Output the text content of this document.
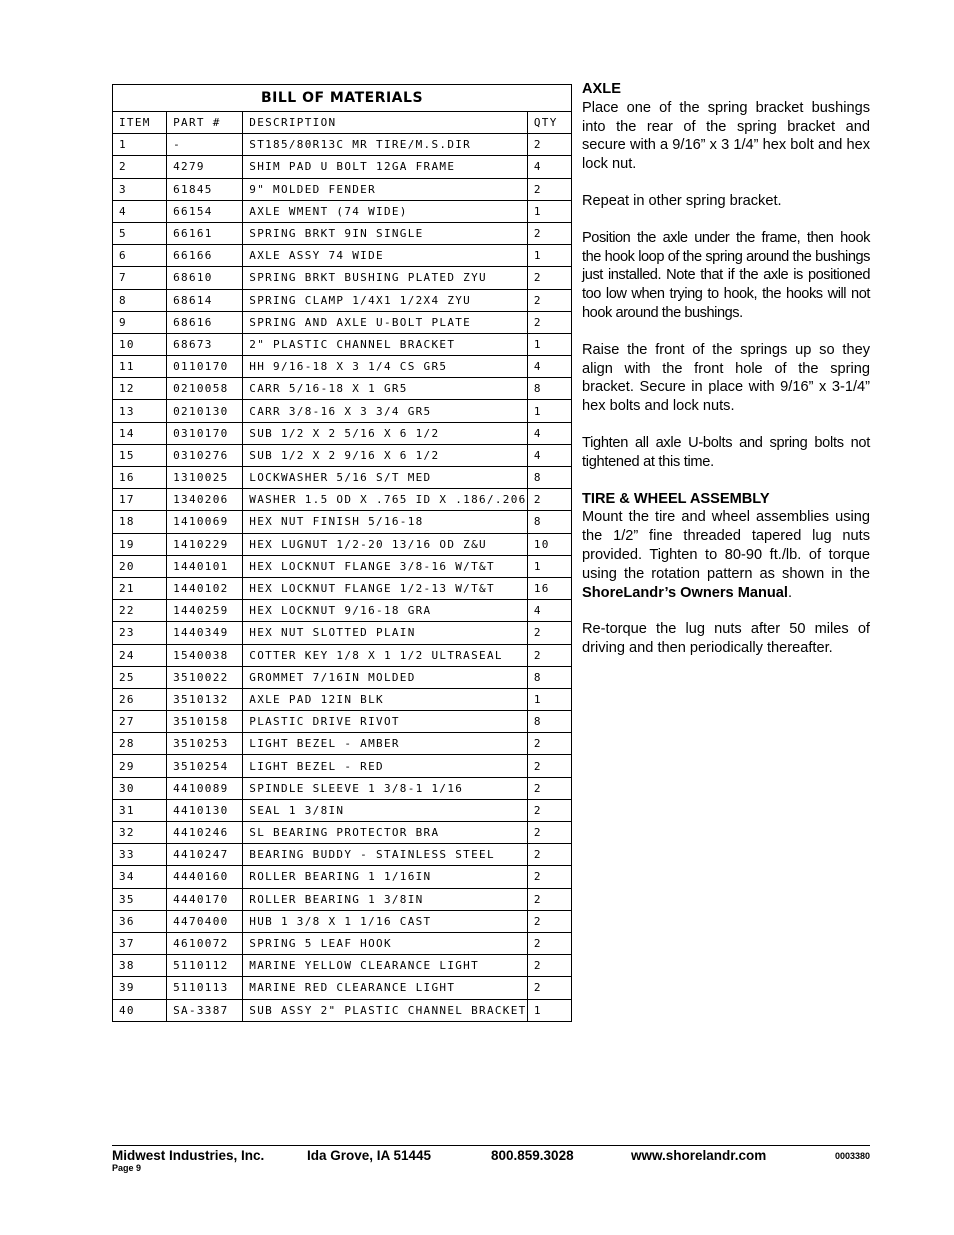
BILL OF MATERIALS			
ITEM	PART #	DESCRIPTION	QTY
1	-	ST185/80R13C MR TIRE/M.S.DIR	2
2	4279	SHIM PAD U BOLT 12GA FRAME	4
3	61845	9" MOLDED FENDER	2
4	66154	AXLE WMENT (74 WIDE)	1
5	66161	SPRING BRKT 9IN SINGLE	2
6	66166	AXLE ASSY 74 WIDE	1
7	68610	SPRING BRKT BUSHING PLATED ZYU	2
8	68614	SPRING CLAMP 1/4X1 1/2X4 ZYU	2
9	68616	SPRING AND AXLE U-BOLT PLATE	2
10	68673	2" PLASTIC CHANNEL BRACKET	1
11	0110170	HH 9/16-18 X 3 1/4 CS GR5	4
12	0210058	CARR 5/16-18 X 1 GR5	8
13	0210130	CARR 3/8-16 X 3 3/4 GR5	1
14	0310170	SUB 1/2 X 2 5/16 X 6 1/2	4
15	0310276	SUB 1/2 X 2 9/16 X 6 1/2	4
16	1310025	LOCKWASHER 5/16 S/T MED	8
17	1340206	WASHER 1.5 OD X .765 ID X .186/.206	2
18	1410069	HEX NUT FINISH 5/16-18	8
19	1410229	HEX LUGNUT 1/2-20 13/16 OD Z&U	10
20	1440101	HEX LOCKNUT FLANGE 3/8-16 W/T&T	1
21	1440102	HEX LOCKNUT FLANGE 1/2-13 W/T&T	16
22	1440259	HEX LOCKNUT 9/16-18 GRA	4
23	1440349	HEX NUT SLOTTED PLAIN	2
24	1540038	COTTER KEY 1/8 X 1 1/2 ULTRASEAL	2
25	3510022	GROMMET 7/16IN MOLDED	8
26	3510132	AXLE PAD 12IN BLK	1
27	3510158	PLASTIC DRIVE RIVOT	8
28	3510253	LIGHT BEZEL - AMBER	2
29	3510254	LIGHT BEZEL - RED	2
30	4410089	SPINDLE SLEEVE 1 3/8-1 1/16	2
31	4410130	SEAL 1 3/8IN	2
32	4410246	SL BEARING PROTECTOR BRA	2
33	4410247	BEARING BUDDY - STAINLESS STEEL	2
34	4440160	ROLLER BEARING 1 1/16IN	2
35	4440170	ROLLER BEARING 1 3/8IN	2
36	4470400	HUB 1 3/8 X 1 1/16 CAST	2
37	4610072	SPRING 5 LEAF HOOK	2
38	5110112	MARINE YELLOW CLEARANCE LIGHT	2
39	5110113	MARINE RED CLEARANCE LIGHT	2
40	SA-3387	SUB ASSY 2" PLASTIC CHANNEL BRACKET	1
AXLE

Place one of the spring bracket bushings into the rear of the spring bracket and secure with a 9/16” x 3 1/4” hex bolt and hex lock nut.

Repeat in other spring bracket.

Position the axle under the frame, then hook the hook loop of the spring around the bushings just installed. Note that if the axle is positioned too low when trying to hook, the hooks will not hook around the bushings.

Raise the front of the springs up so they align with the front hole of the spring bracket. Secure in place with 9/16” x 3-1/4” hex bolts and lock nuts.

Tighten all axle U-bolts and spring bolts not tightened at this time.

TIRE & WHEEL ASSEMBLY

Mount the tire and wheel assemblies using the 1/2” fine threaded tapered lug nuts provided. Tighten to 80-90 ft./lb. of torque using the rotation pattern as shown in the ShoreLandr’s Owners Manual.

Re-torque the lug nuts after 50 miles of driving and then periodically thereafter.

Midwest Industries, Inc.	Ida Grove, IA 51445	800.859.3028	www.shorelandr.com	0003380
Page 9
